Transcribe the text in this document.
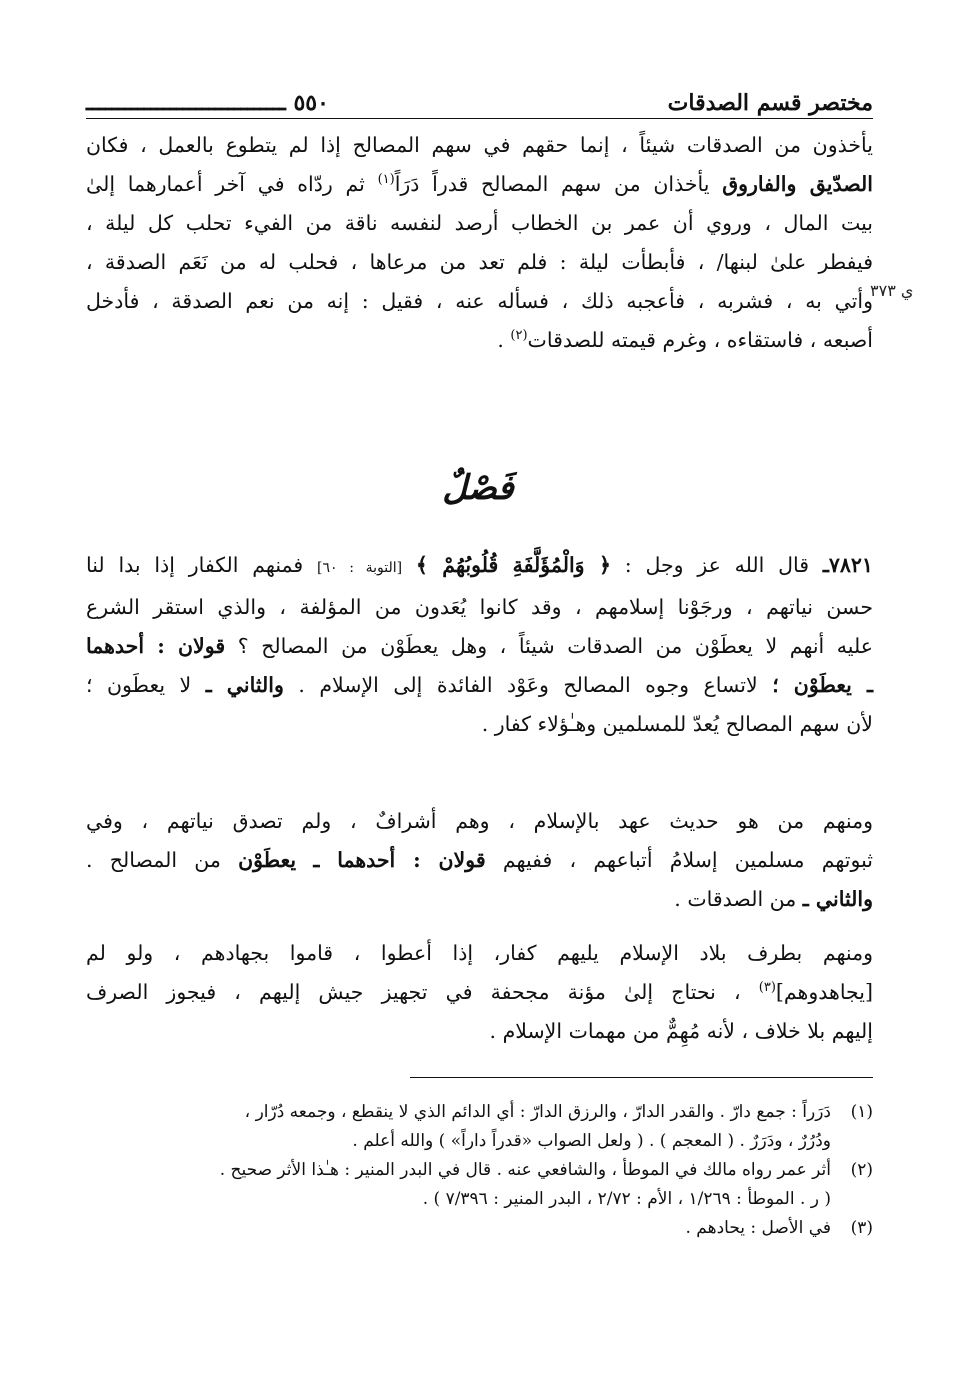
مختصر قسم الصدقات
٥٥٠ ـــــــــــــــــــــــــــــــ
ي ٣٧٣
يأخذون من الصدقات شيئاً ، إنما حقهم في سهم المصالح إذا لم يتطوع بالعمل ، فكان
الصدّيق والفاروق يأخذان من سهم المصالح قدراً دَرَاً$^{(١)}$ ثم ردّاه في آخر أعمارهما إلىٰ
بيت المال ، وروي أن عمر بن الخطاب أرصد لنفسه ناقة من الفيء تحلب كل ليلة ،
فيفطر علىٰ لبنها/ ، فأبطأت ليلة : فلم تعد من مرعاها ، فحلب له من نَعَم الصدقة ،
وأتي به ، فشربه ، فأعجبه ذلك ، فسأله عنه ، فقيل : إنه من نعم الصدقة ، فأدخل
أصبعه ، فاستقاءه ، وغرم قيمته للصدقات$^{(٢)}$ .
فَصْلٌ
٧٨٢١ـ قال الله عز وجل : ﴿ وَالْمُؤَلَّفَةِ قُلُوبُهُمْ ﴾ [التوبة : ٦٠] فمنهم الكفار إذا بدا لنا
حسن نياتهم ، ورجَوْنا إسلامهم ، وقد كانوا يُعَدون من المؤلفة ، والذي استقر الشرع
عليه أنهم لا يعطَوْن من الصدقات شيئاً ، وهل يعطَوْن من المصالح ؟ قولان : أحدهما
ـ يعطَوْن ؛ لاتساع وجوه المصالح وعَوْد الفائدة إلى الإسلام . والثاني ـ لا يعطَون ؛
لأن سهم المصالح يُعدّ للمسلمين وهـٰؤلاء كفار .
ومنهم من هو حديث عهد بالإسلام ، وهم أشرافٌ ، ولم تصدق نياتهم ، وفي
ثبوتهم مسلمين إسلامُ أتباعهم ، ففيهم قولان : أحدهما ـ يعطَوْن من المصالح .
والثاني ـ من الصدقات .
ومنهم بطرف بلاد الإسلام يليهم كفار، إذا أعطوا ، قاموا بجهادهم ، ولو لم
[يجاهدوهم]$^{(٣)}$ ، نحتاج إلىٰ مؤنة مجحفة في تجهيز جيش إليهم ، فيجوز الصرف
إليهم بلا خلاف ، لأنه مُهِمٌّ من مهمات الإسلام .
(١)
دَرَراً : جمع دارّ . والقدر الدارّ ، والرزق الدارّ : أي الدائم الذي لا ينقطع ، وجمعه دُرّار ،
ودُرُرٌ ، ودَرَرٌ . ( المعجم ) . ( ولعل الصواب «قدراً داراً» ) والله أعلم .
(٢)
أثر عمر رواه مالك في الموطأ ، والشافعي عنه . قال في البدر المنير : هـٰذا الأثر صحيح .
( ر . الموطأ : ١/٢٦٩ ، الأم : ٢/٧٢ ، البدر المنير : ٧/٣٩٦ ) .
(٣)
في الأصل : يحادهم .
